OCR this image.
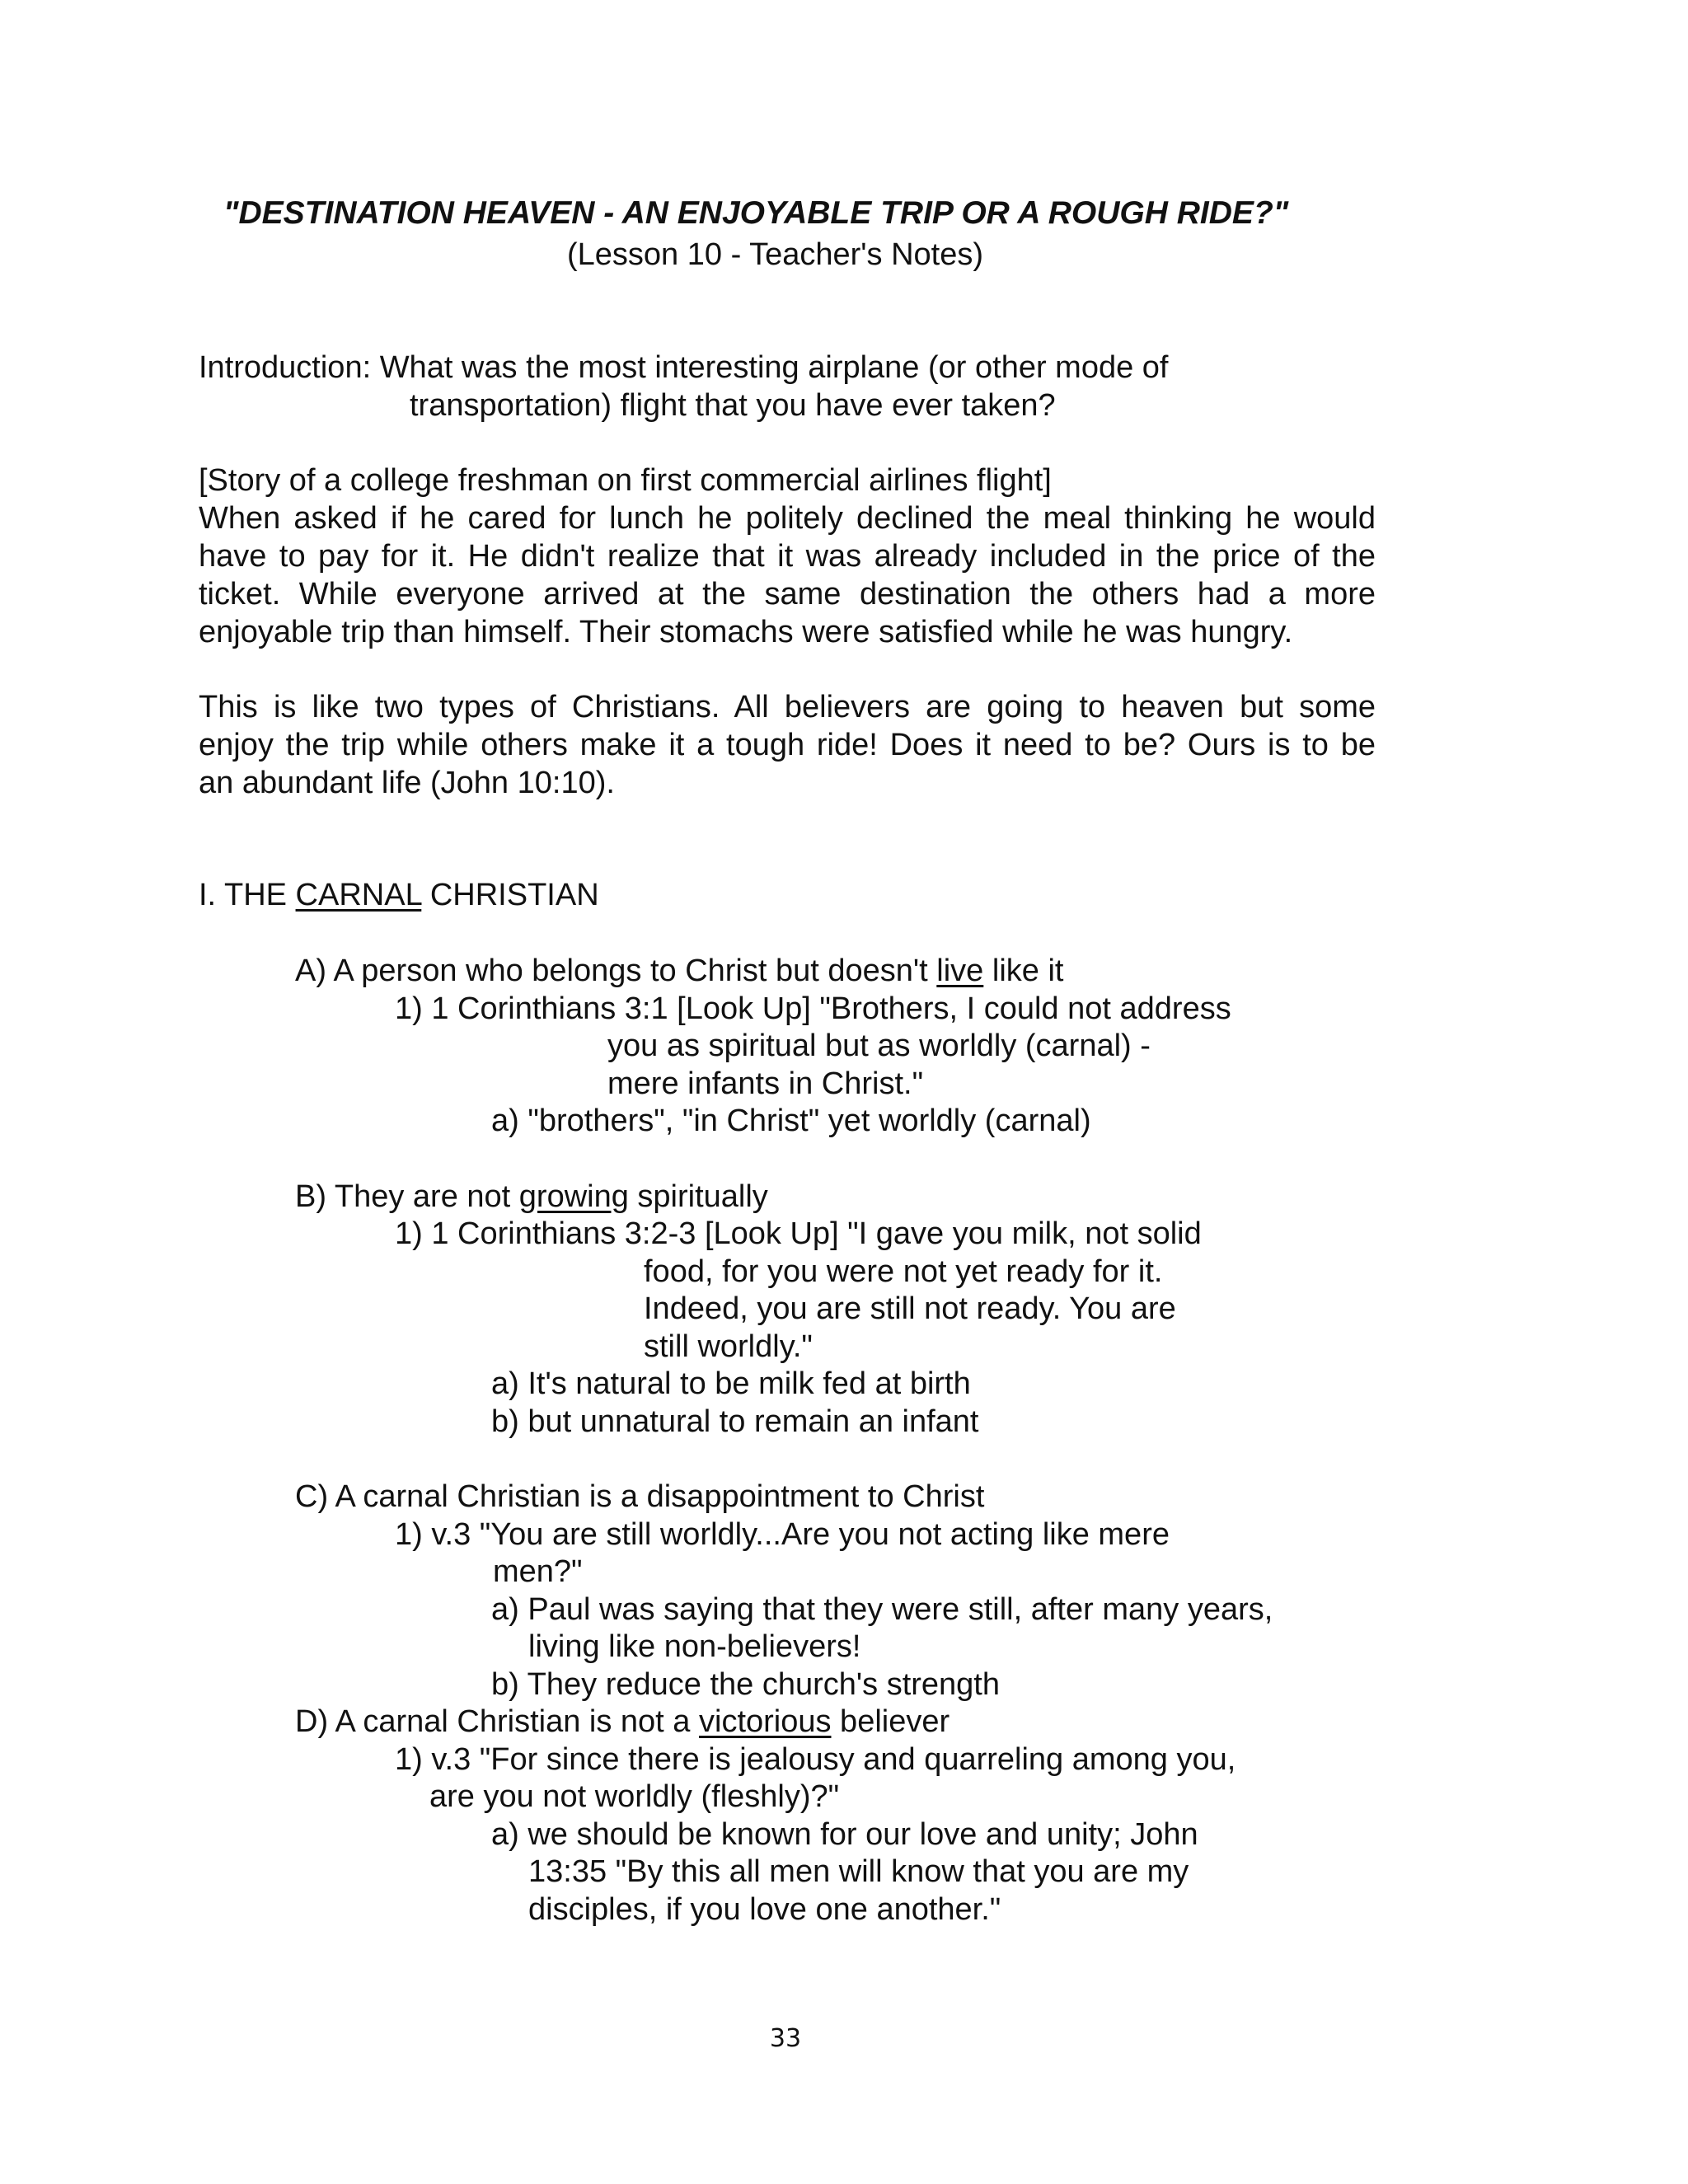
"DESTINATION HEAVEN - AN ENJOYABLE TRIP OR A ROUGH RIDE?"

(Lesson 10 - Teacher's Notes)

Introduction: What was the most interesting airplane (or other mode of

transportation) flight that you have ever taken?

[Story of a college freshman on first commercial airlines flight]

When asked if he cared for lunch he politely declined the meal thinking he would
have to pay for it. He didn't realize that it was already included in the price of the
ticket. While everyone arrived at the same destination the others had a more
enjoyable trip than himself. Their stomachs were satisfied while he was hungry.
This is like two types of Christians. All believers are going to heaven but some
enjoy the trip while others make it a tough ride! Does it need to be? Ours is to be
an abundant life (John 10:10).

I. THE CARNAL CHRISTIAN

A) A person who belongs to Christ but doesn't live like it

1) 1 Corinthians 3:1 [Look Up] "Brothers, I could not address

you as spiritual but as worldly (carnal) -

mere infants in Christ."

a) "brothers", "in Christ" yet worldly (carnal)

B) They are not growing spiritually

1) 1 Corinthians 3:2-3 [Look Up] "I gave you milk, not solid

food, for you were not yet ready for it.

Indeed, you are still not ready. You are

still worldly."

a) It's natural to be milk fed at birth

b) but unnatural to remain an infant

C) A carnal Christian is a disappointment to Christ

1) v.3 "You are still worldly...Are you not acting like mere

men?"

a) Paul was saying that they were still, after many years,

living like non-believers!

b) They reduce the church's strength

D) A carnal Christian is not a victorious believer

1) v.3 "For since there is jealousy and quarreling among you,

are you not worldly (fleshly)?"

a) we should be known for our love and unity; John

13:35 "By this all men will know that you are my

disciples, if you love one another."

33
